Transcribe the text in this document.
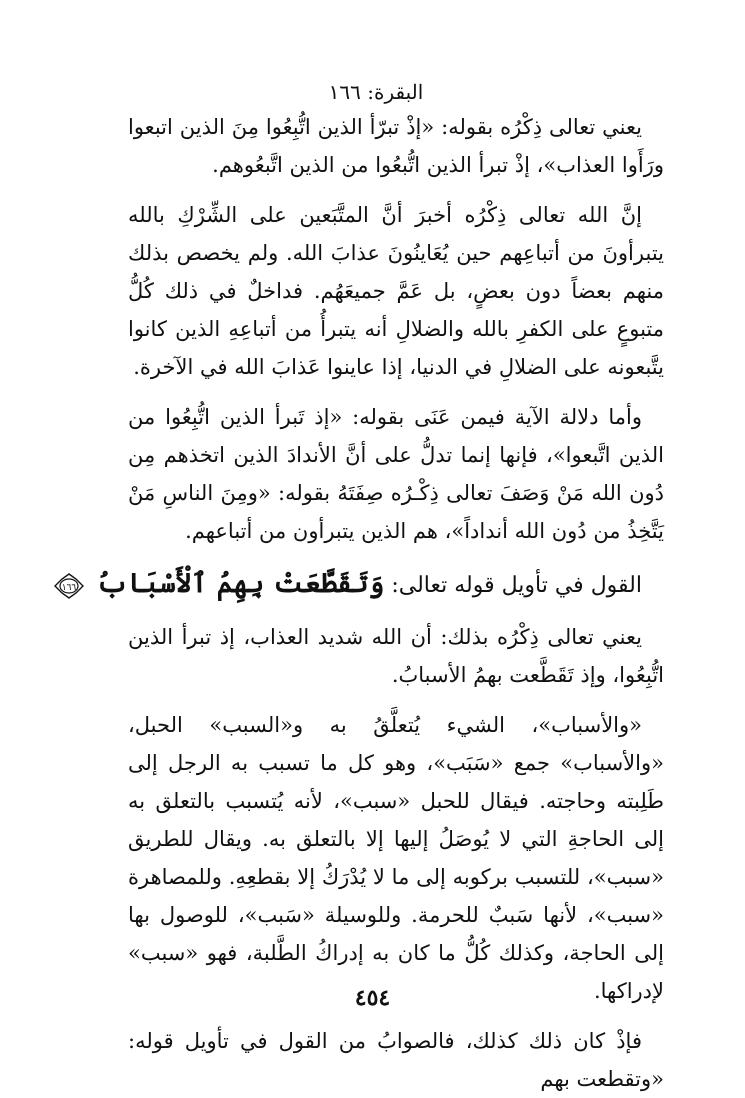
البقرة: ١٦٦

يعني تعالى ذِكْرُه بقوله: «إذْ تبرّأ الذين اتُّبِعُوا مِنَ الذين اتبعوا ورَأَوا العذاب»، إذْ تبرأ الذين اتُّبعُوا من الذين اتَّبعُوهم.

إنَّ الله تعالى ذِكْرُه أخبرَ أنَّ المتَّبَعين على الشِّرْكِ بالله يتبرأونَ من أتباعِهم حين يُعَاينُونَ عذابَ الله. ولم يخصص بذلك منهم بعضاً دون بعضٍ، بل عَمَّ جميعَهُم. فداخلٌ في ذلك كُلُّ متبوعٍ على الكفرِ بالله والضلالِ أنه يتبرأُ من أتباعِهِ الذين كانوا يتَّبعونه على الضلالِ في الدنيا، إذا عاينوا عَذابَ الله في الآخرة.

وأما دلالة الآية فيمن عَنَى بقوله: «إذ تَبرأ الذين اتُّبِعُوا من الذين اتَّبعوا»، فإنها إنما تدلُّ على أنَّ الأندادَ الذين اتخذهم مِن دُون الله مَنْ وَصَفَ تعالى ذِكْـرُه صِفَتَهُ بقوله: «ومِنَ الناسِ مَنْ يَتَّخِذُ من دُون الله أنداداً»، هم الذين يتبرأون من أتباعهم.

القول في تأويل قوله تعالى: وَتَقَطَّعَتْ بِهِمُ ٱلْأَسْبَابُ
١٦٦

يعني تعالى ذِكْرُه بذلك: أن الله شديد العذاب، إذ تبرأ الذين اتُّبِعُوا، وإذ تَقَطَّعت بهمُ الأسبابُ.

«والأسباب»، الشيء يُتعلَّقُ به و«السبب» الحبل، «والأسباب» جمع «سَبَب»، وهو كل ما تسبب به الرجل إلى طَلِبته وحاجته. فيقال للحبل «سبب»، لأنه يُتسبب بالتعلق به إلى الحاجةِ التي لا يُوصَلُ إليها إلا بالتعلق به. ويقال للطريق «سبب»، للتسبب بركوبه إلى ما لا يُدْرَكُ إلا بقطعِهِ. وللمصاهرة «سبب»، لأنها سَببٌ للحرمة. وللوسيلة «سَبب»، للوصول بها إلى الحاجة، وكذلك كُلُّ ما كان به إدراكُ الطَّلبة، فهو «سبب» لإدراكها.

فإذْ كان ذلك كذلك، فالصوابُ من القول في تأويل قوله: «وتقطعت بهم

٤٥٤
